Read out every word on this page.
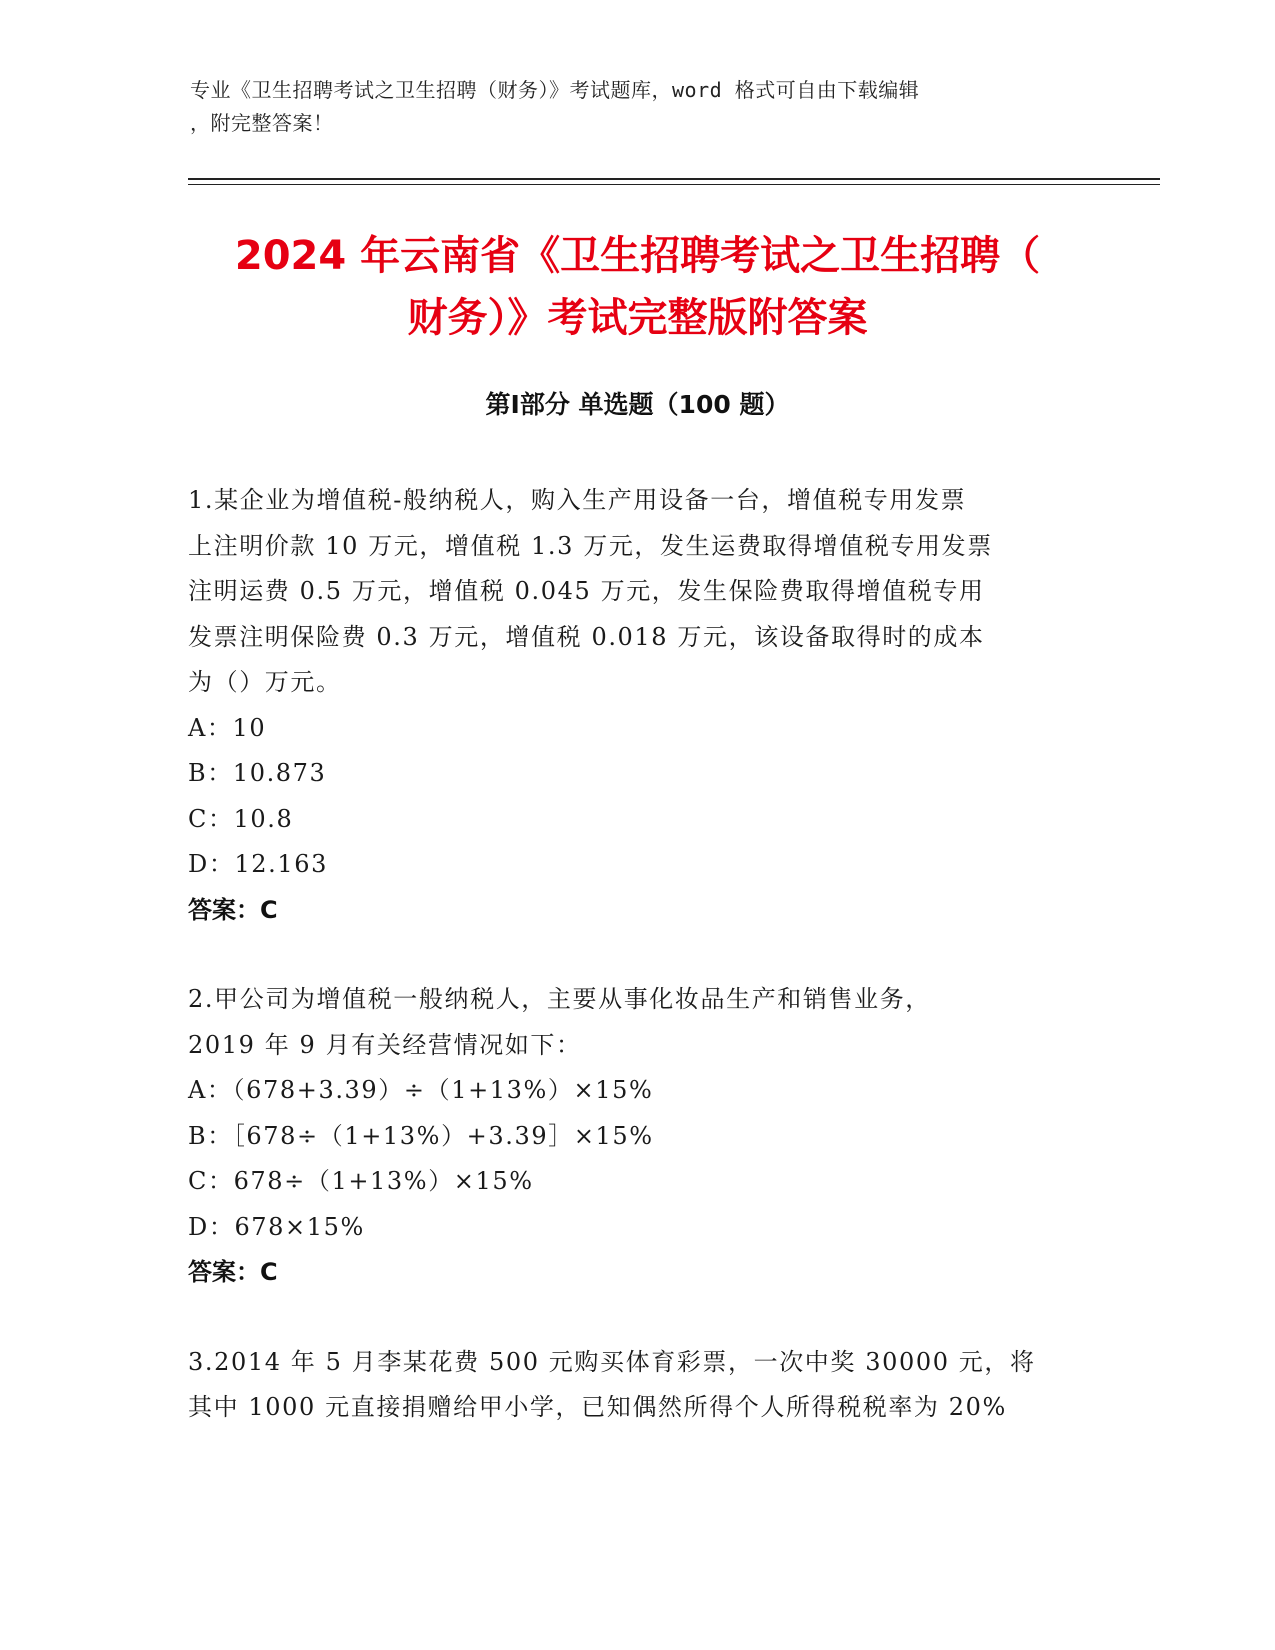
专业《卫生招聘考试之卫生招聘（财务）》考试题库，word 格式可自由下载编辑
，附完整答案！
2024 年云南省《卫生招聘考试之卫生招聘（
财务）》考试完整版附答案
第Ⅰ部分 单选题（100 题）

1.某企业为增值税-般纳税人，购入生产用设备一台，增值税专用发票

上注明价款 10 万元，增值税 1.3 万元，发生运费取得增值税专用发票

注明运费 0.5 万元，增值税 0.045 万元，发生保险费取得增值税专用

发票注明保险费 0.3 万元，增值税 0.018 万元，该设备取得时的成本

为（）万元。

A：10

B：10.873

C：10.8

D：12.163

答案：C

2.甲公司为增值税一般纳税人，主要从事化妆品生产和销售业务，

2019 年 9 月有关经营情况如下：

A：（678+3.39）÷（1+13%）×15%

B：［678÷（1+13%）+3.39］×15%

C：678÷（1+13%）×15%

D：678×15%

答案：C

3.2014 年 5 月李某花费 500 元购买体育彩票，一次中奖 30000 元，将

其中 1000 元直接捐赠给甲小学，已知偶然所得个人所得税税率为 20%
